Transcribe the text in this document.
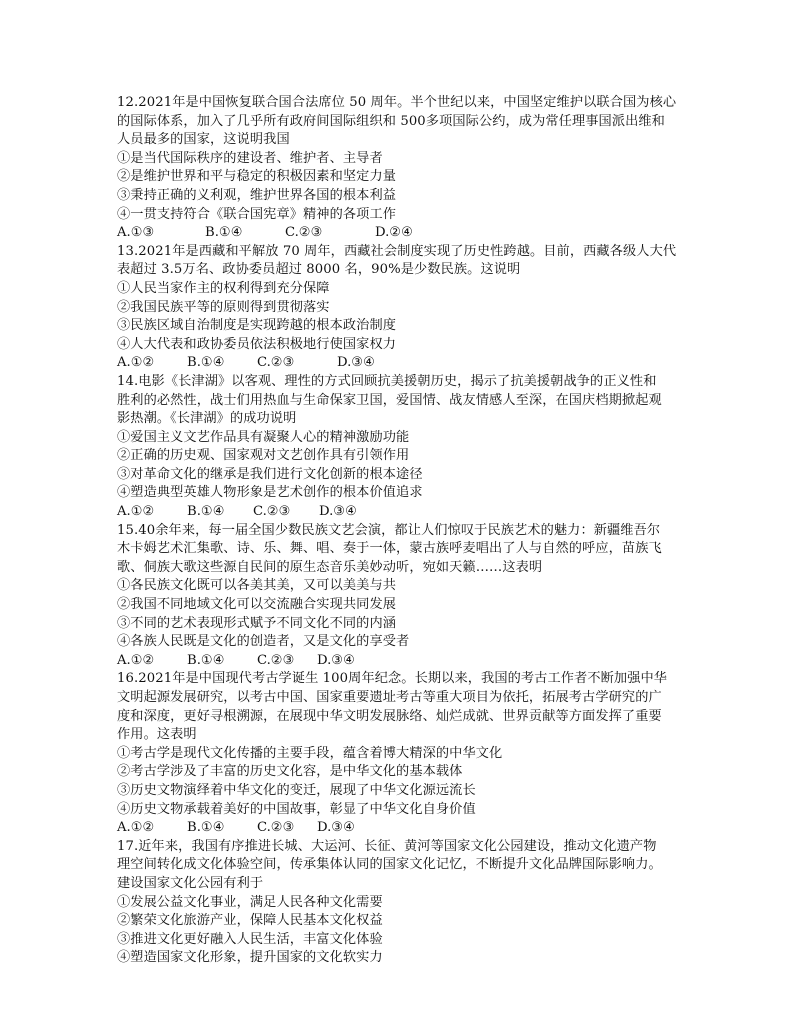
12.2021年是中国恢复联合国合法席位 50 周年。半个世纪以来，中国坚定维护以联合国为核心
的国际体系，加入了几乎所有政府间国际组织和 500多项国际公约，成为常任理事国派出维和
人员最多的国家，这说明我国
①是当代国际秩序的建设者、维护者、主导者
②是维护世界和平与稳定的积极因素和坚定力量
③秉持正确的义利观，维护世界各国的根本利益
④一贯支持符合《联合国宪章》精神的各项工作
A.①③	B.①④	C.②③	D.②④
13.2021年是西藏和平解放 70 周年，西藏社会制度实现了历史性跨越。目前，西藏各级人大代
表超过 3.5万名、政协委员超过 8000 名，90%是少数民族。这说明
①人民当家作主的权利得到充分保障
②我国民族平等的原则得到贯彻落实
③民族区域自治制度是实现跨越的根本政治制度
④人大代表和政协委员依法积极地行使国家权力
A.①②	B.①④	C.②③	D.③④
14.电影《长津湖》以客观、理性的方式回顾抗美援朝历史，揭示了抗美援朝战争的正义性和
胜利的必然性，战士们用热血与生命保家卫国，爱国情、战友情感人至深，在国庆档期掀起观
影热潮。《长津湖》的成功说明
①爱国主义文艺作品具有凝聚人心的精神激励功能
②正确的历史观、国家观对文艺创作具有引领作用
③对革命文化的继承是我们进行文化创新的根本途径
④塑造典型英雄人物形象是艺术创作的根本价值追求
A.①②	B.①④	C.②③	D.③④
15.40余年来，每一届全国少数民族文艺会演，都让人们惊叹于民族艺术的魅力：新疆维吾尔
木卡姆艺术汇集歌、诗、乐、舞、唱、奏于一体，蒙古族呼麦唱出了人与自然的呼应，苗族飞
歌、侗族大歌这些源自民间的原生态音乐美妙动听，宛如天籁……这表明
①各民族文化既可以各美其美，又可以美美与共
②我国不同地域文化可以交流融合实现共同发展
③不同的艺术表现形式赋予不同文化不同的内涵
④各族人民既是文化的创造者，又是文化的享受者
A.①②	B.①④	C.②③	D.③④
16.2021年是中国现代考古学诞生 100周年纪念。长期以来，我国的考古工作者不断加强中华
文明起源发展研究，以考古中国、国家重要遗址考古等重大项目为依托，拓展考古学研究的广
度和深度，更好寻根溯源，在展现中华文明发展脉络、灿烂成就、世界贡献等方面发挥了重要
作用。这表明
①考古学是现代文化传播的主要手段，蕴含着博大精深的中华文化
②考古学涉及了丰富的历史文化容，是中华文化的基本载体
③历史文物演绎着中华文化的变迁，展现了中华文化源远流长
④历史文物承载着美好的中国故事，彰显了中华文化自身价值
A.①②	B.①④	C.②③	D.③④
17.近年来，我国有序推进长城、大运河、长征、黄河等国家文化公园建设，推动文化遗产物
理空间转化成文化体验空间，传承集体认同的国家文化记忆，不断提升文化品牌国际影响力。
建设国家文化公园有利于
①发展公益文化事业，满足人民各种文化需要
②繁荣文化旅游产业，保障人民基本文化权益
③推进文化更好融入人民生活，丰富文化体验
④塑造国家文化形象，提升国家的文化软实力
